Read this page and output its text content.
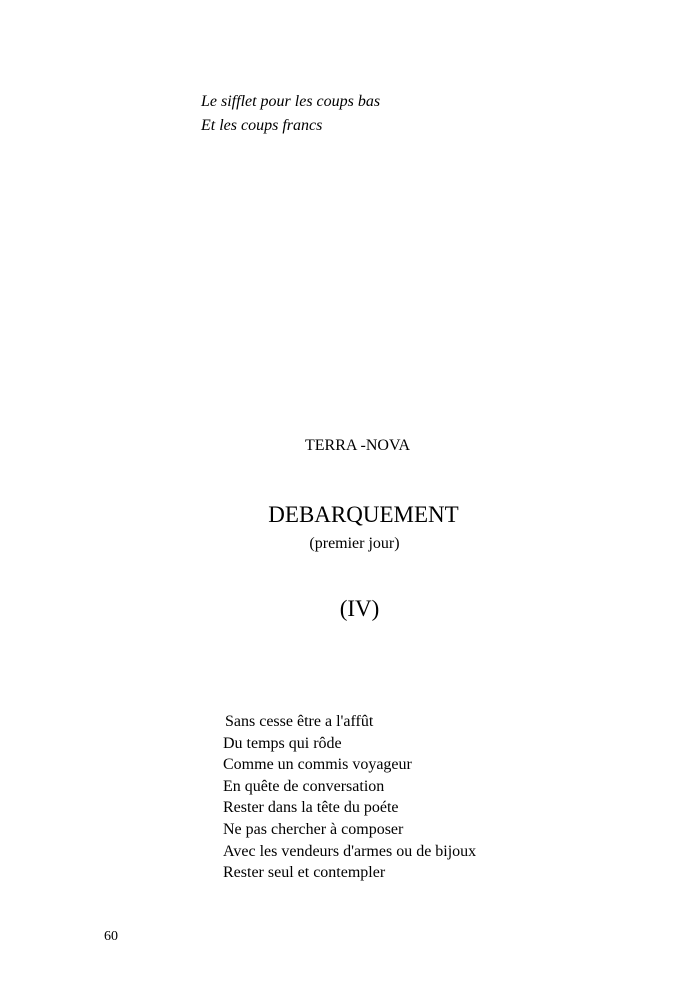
Le sifflet pour les coups bas
Et les coups francs
TERRA -NOVA
DEBARQUEMENT
(premier jour)
(IV)
Sans cesse être a l'affût
Du temps qui rôde
Comme un commis voyageur
En quête de conversation
Rester dans la tête du poéte
Ne pas chercher à composer
Avec les vendeurs d'armes ou de bijoux
Rester seul et contempler
60
